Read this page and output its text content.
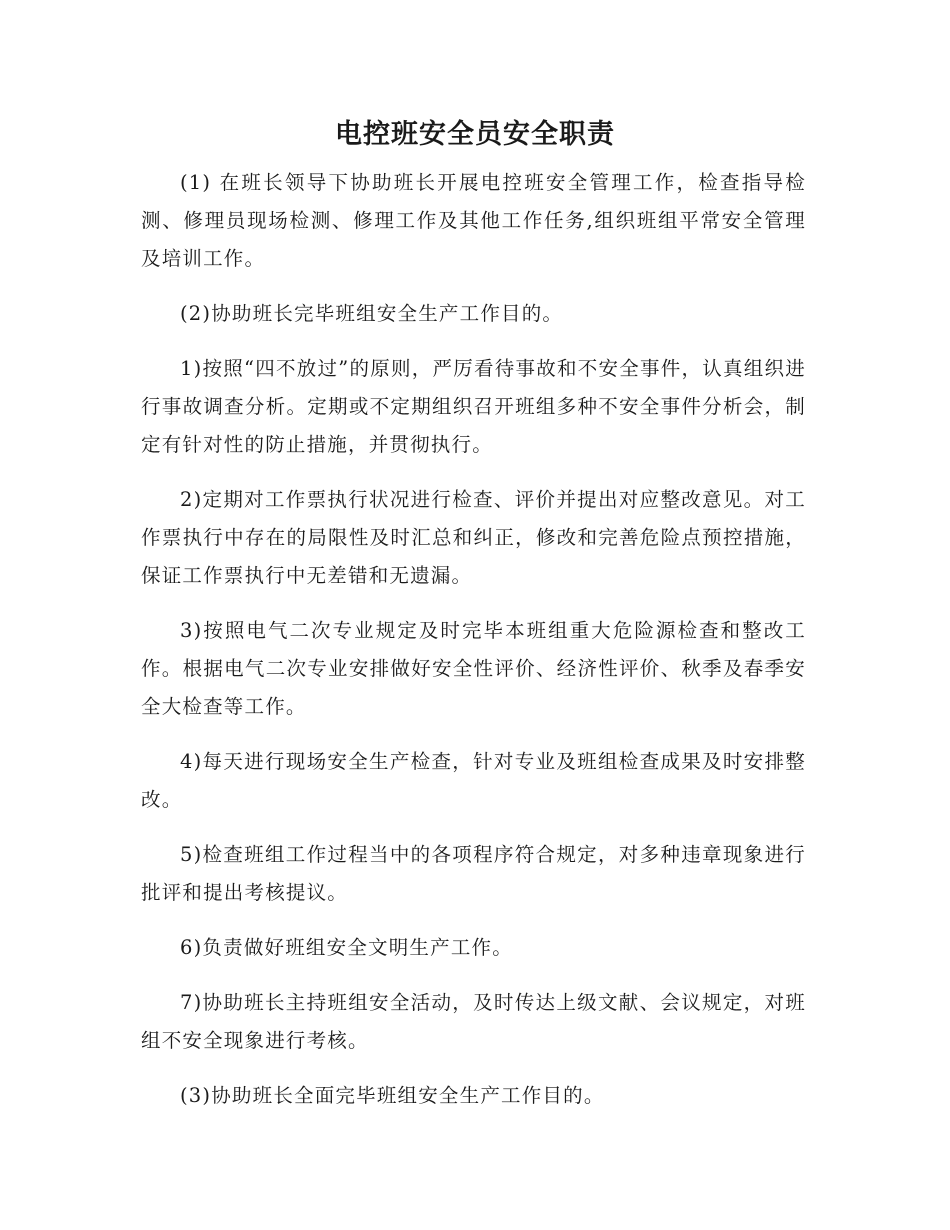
电控班安全员安全职责

(1) 在班长领导下协助班长开展电控班安全管理工作，检查指导检测、修理员现场检测、修理工作及其他工作任务,组织班组平常安全管理及培训工作。

(2)协助班长完毕班组安全生产工作目的。

1)按照“四不放过”的原则，严厉看待事故和不安全事件，认真组织进行事故调查分析。定期或不定期组织召开班组多种不安全事件分析会，制定有针对性的防止措施，并贯彻执行。

2)定期对工作票执行状况进行检查、评价并提出对应整改意见。对工作票执行中存在的局限性及时汇总和纠正，修改和完善危险点预控措施，保证工作票执行中无差错和无遗漏。

3)按照电气二次专业规定及时完毕本班组重大危险源检查和整改工作。根据电气二次专业安排做好安全性评价、经济性评价、秋季及春季安全大检查等工作。

4)每天进行现场安全生产检查，针对专业及班组检查成果及时安排整改。

5)检查班组工作过程当中的各项程序符合规定，对多种违章现象进行批评和提出考核提议。

6)负责做好班组安全文明生产工作。

7)协助班长主持班组安全活动，及时传达上级文献、会议规定，对班组不安全现象进行考核。

(3)协助班长全面完毕班组安全生产工作目的。
